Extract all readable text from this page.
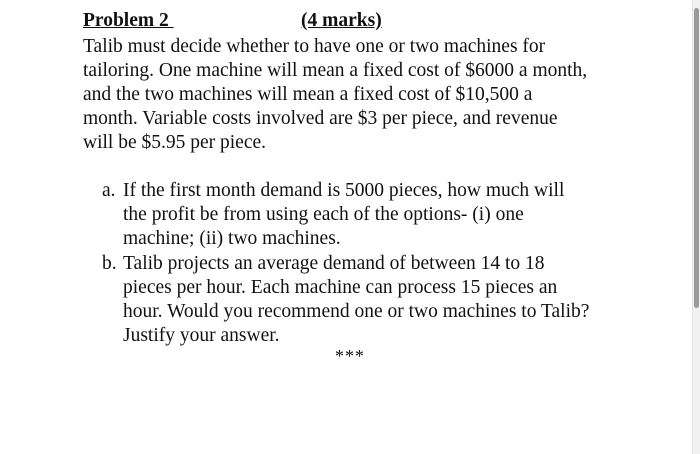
Problem 2	(4 marks)
Talib must decide whether to have one or two machines for
tailoring. One machine will mean a fixed cost of $6000 a month,
and the two machines will mean a fixed cost of $10,500 a
month. Variable costs involved are $3 per piece, and revenue
will be $5.95 per piece.
a. If the first month demand is 5000 pieces, how much will
the profit be from using each of the options- (i) one
machine; (ii) two machines.
b. Talib projects an average demand of between 14 to 18
pieces per hour. Each machine can process 15 pieces an
hour. Would you recommend one or two machines to Talib?
Justify your answer.
***
